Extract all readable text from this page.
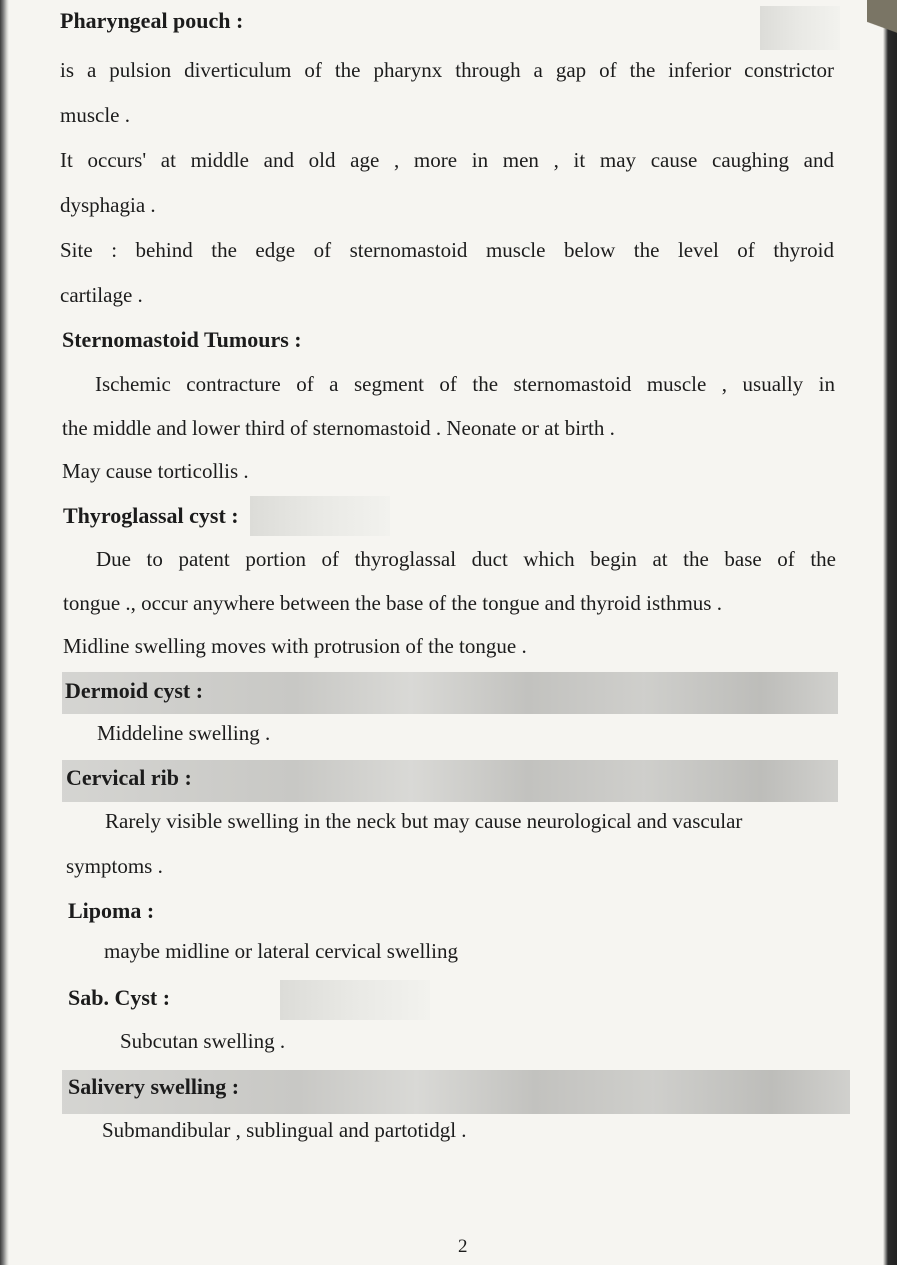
Pharyngeal pouch :
is a pulsion diverticulum of the pharynx through a gap of the inferior constrictor
muscle .
It occurs' at middle and old age , more in men , it may cause caughing and
dysphagia .
Site : behind the edge of sternomastoid muscle below the level of thyroid
cartilage .
Sternomastoid Tumours :
Ischemic contracture of a segment of the sternomastoid muscle , usually in
the middle and lower third of sternomastoid . Neonate or at birth .
May cause torticollis .
Thyroglassal cyst :
Due to patent portion of thyroglassal duct which begin at the base of the
tongue ., occur anywhere between the base of the tongue and thyroid isthmus .
Midline swelling moves with protrusion of the tongue .
Dermoid cyst :
Middeline swelling .
Cervical rib :
Rarely visible swelling in the neck but may cause neurological and vascular
symptoms .
Lipoma :
maybe midline or lateral cervical swelling
Sab. Cyst :
Subcutan swelling .
Salivery swelling :
Submandibular , sublingual and partotidgl .
2
